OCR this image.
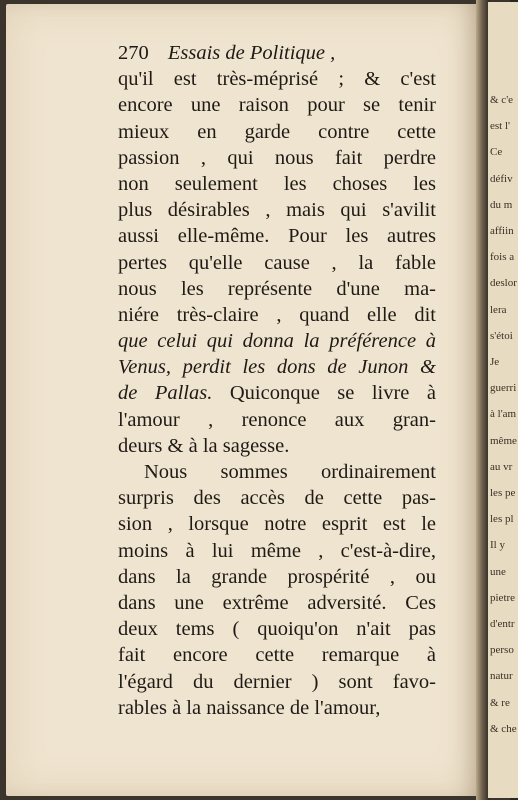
& c'e
est l'
Ce
défiv
du m
affiin
fois a
deslor
lera
s'étoi
Je
guerri
à l'am
même
au vr
les pe
les pl
Il y
une
pietre
d'entr
perso
natur
& re
& che
270 Essais de Politique ,
qu'il est très-méprisé ; & c'est
encore une raison pour se tenir
mieux en garde contre cette
passion , qui nous fait perdre
non seulement les choses les
plus désirables , mais qui s'avilit
aussi elle-même. Pour les autres
pertes qu'elle cause , la fable
nous les représente d'une ma-
niére très-claire , quand elle dit
que celui qui donna la préférence à
Venus, perdit les dons de Junon &
de Pallas. Quiconque se livre à
l'amour , renonce aux gran-
deurs & à la sagesse.
Nous sommes ordinairement
surpris des accès de cette pas-
sion , lorsque notre esprit est le
moins à lui même , c'est-à-dire,
dans la grande prospérité , ou
dans une extrême adversité. Ces
deux tems ( quoiqu'on n'ait pas
fait encore cette remarque à
l'égard du dernier ) sont favo-
rables à la naissance de l'amour,
